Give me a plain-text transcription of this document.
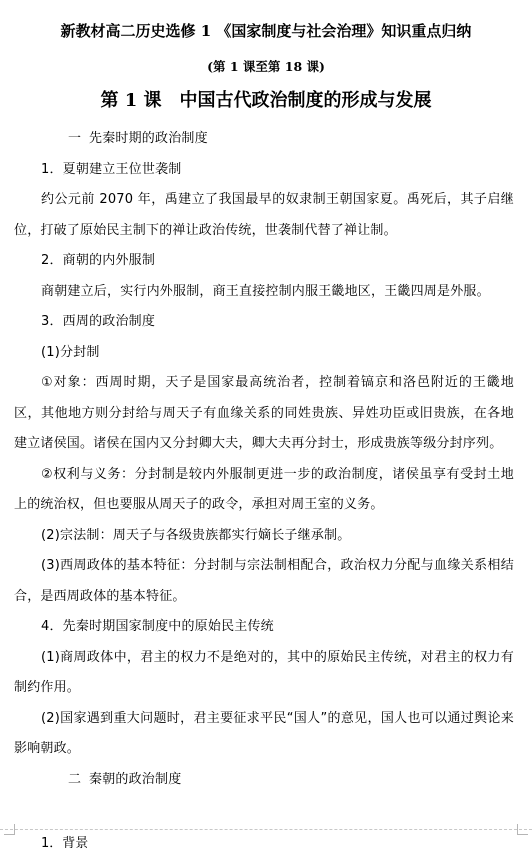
新教材高二历史选修 1 《国家制度与社会治理》知识重点归纳
(第 1 课至第 18 课)
第 1 课　中国古代政治制度的形成与发展

一 先秦时期的政治制度

1．夏朝建立王位世袭制

约公元前 2070 年，禹建立了我国最早的奴隶制王朝国家夏。禹死后，其子启继位，打破了原始民主制下的禅让政治传统，世袭制代替了禅让制。

2．商朝的内外服制

商朝建立后，实行内外服制，商王直接控制内服王畿地区，王畿四周是外服。

3．西周的政治制度

(1)分封制

①对象：西周时期，天子是国家最高统治者，控制着镐京和洛邑附近的王畿地区，其他地方则分封给与周天子有血缘关系的同姓贵族、异姓功臣或旧贵族，在各地建立诸侯国。诸侯在国内又分封卿大夫，卿大夫再分封士，形成贵族等级分封序列。

②权利与义务：分封制是较内外服制更进一步的政治制度，诸侯虽享有受封土地上的统治权，但也要服从周天子的政令，承担对周王室的义务。

(2)宗法制：周天子与各级贵族都实行嫡长子继承制。

(3)西周政体的基本特征：分封制与宗法制相配合，政治权力分配与血缘关系相结合，是西周政体的基本特征。

4．先秦时期国家制度中的原始民主传统

(1)商周政体中，君主的权力不是绝对的，其中的原始民主传统，对君主的权力有制约作用。

(2)国家遇到重大问题时，君主要征求平民“国人”的意见，国人也可以通过舆论来影响朝政。

二 秦朝的政治制度

1．背景
